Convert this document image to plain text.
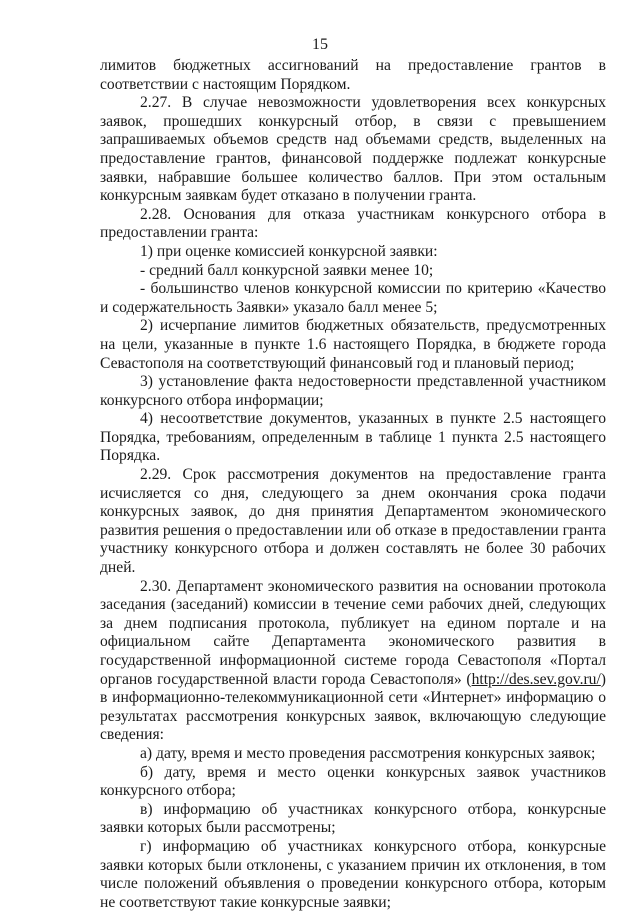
15

лимитов бюджетных ассигнований на предоставление грантов в соответствии с настоящим Порядком.

2.27. В случае невозможности удовлетворения всех конкурсных заявок, прошедших конкурсный отбор, в связи с превышением запрашиваемых объемов средств над объемами средств, выделенных на предоставление грантов, финансовой поддержке подлежат конкурсные заявки, набравшие большее количество баллов. При этом остальным конкурсным заявкам будет отказано в получении гранта.

2.28. Основания для отказа участникам конкурсного отбора в предоставлении гранта:

1) при оценке комиссией конкурсной заявки:

- средний балл конкурсной заявки менее 10;

- большинство членов конкурсной комиссии по критерию «Качество и содержательность Заявки» указало балл менее 5;

2) исчерпание лимитов бюджетных обязательств, предусмотренных на цели, указанные в пункте 1.6 настоящего Порядка, в бюджете города Севастополя на соответствующий финансовый год и плановый период;

3) установление факта недостоверности представленной участником конкурсного отбора информации;

4) несоответствие документов, указанных в пункте 2.5 настоящего Порядка, требованиям, определенным в таблице 1 пункта 2.5 настоящего Порядка.

2.29. Срок рассмотрения документов на предоставление гранта исчисляется со дня, следующего за днем окончания срока подачи конкурсных заявок, до дня принятия Департаментом экономического развития решения о предоставлении или об отказе в предоставлении гранта участнику конкурсного отбора и должен составлять не более 30 рабочих дней.

2.30. Департамент экономического развития на основании протокола заседания (заседаний) комиссии в течение семи рабочих дней, следующих за днем подписания протокола, публикует на едином портале и на официальном сайте Департамента экономического развития в государственной информационной системе города Севастополя «Портал органов государственной власти города Севастополя» (http://des.sev.gov.ru/) в информационно-телекоммуникационной сети «Интернет» информацию о результатах рассмотрения конкурсных заявок, включающую следующие сведения:

а) дату, время и место проведения рассмотрения конкурсных заявок;

б) дату, время и место оценки конкурсных заявок участников конкурсного отбора;

в) информацию об участниках конкурсного отбора, конкурсные заявки которых были рассмотрены;

г) информацию об участниках конкурсного отбора, конкурсные заявки которых были отклонены, с указанием причин их отклонения, в том числе положений объявления о проведении конкурсного отбора, которым не соответствуют такие конкурсные заявки;
